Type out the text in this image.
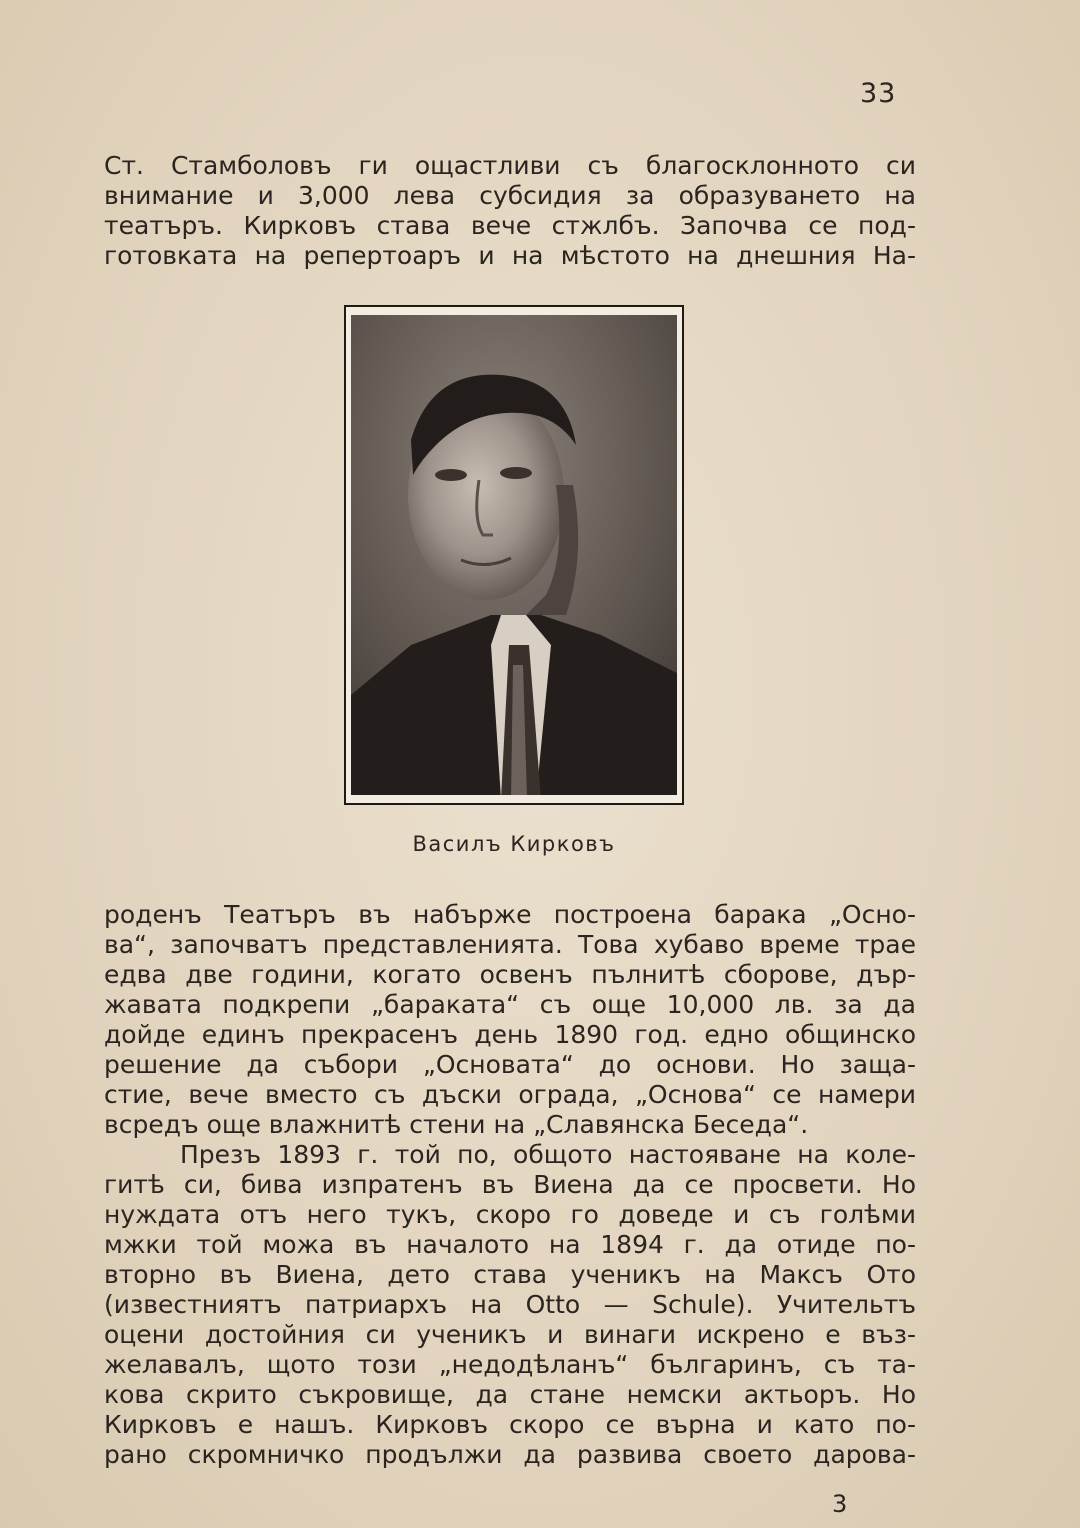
33
Ст. Стамболовъ ги ощастливи съ благосклонното си
внимание и 3,000 лева субсидия за образуването на
театъръ. Кирковъ става вече стжлбъ. Започва се под-
готовката на репертоаръ и на мѣстото на днешния На-
Василъ Кирковъ
роденъ Театъръ въ набърже построена барака „Осно-
ва“, започватъ представленията. Това хубаво време трае
едва две години, когато освенъ пълнитѣ сборове, дър-
жавата подкрепи „бараката“ съ още 10,000 лв. за да
дойде единъ прекрасенъ день 1890 год. едно общинско
решение да събори „Основата“ до основи. Но заща-
стие, вече вместо съ дъски ограда, „Основа“ се намери
всредъ още влажнитѣ стени на „Славянска Беседа“.
Презъ 1893 г. той по, общото настояване на коле-
гитѣ си, бива изпратенъ въ Виена да се просвети. Но
нуждата отъ него тукъ, скоро го доведе и съ голѣми
мжки той можа въ началото на 1894 г. да отиде по-
вторно въ Виена, дето става ученикъ на Максъ Ото
(известниятъ патриархъ на Otto — Schule). Учительтъ
оцени достойния си ученикъ и винаги искрено е въз-
желавалъ, щото този „недодѣланъ“ българинъ, съ та-
кова скрито съкровище, да стане немски актьоръ. Но
Кирковъ е нашъ. Кирковъ скоро се върна и като по-
рано скромничко продължи да развива своето дарова-
3
